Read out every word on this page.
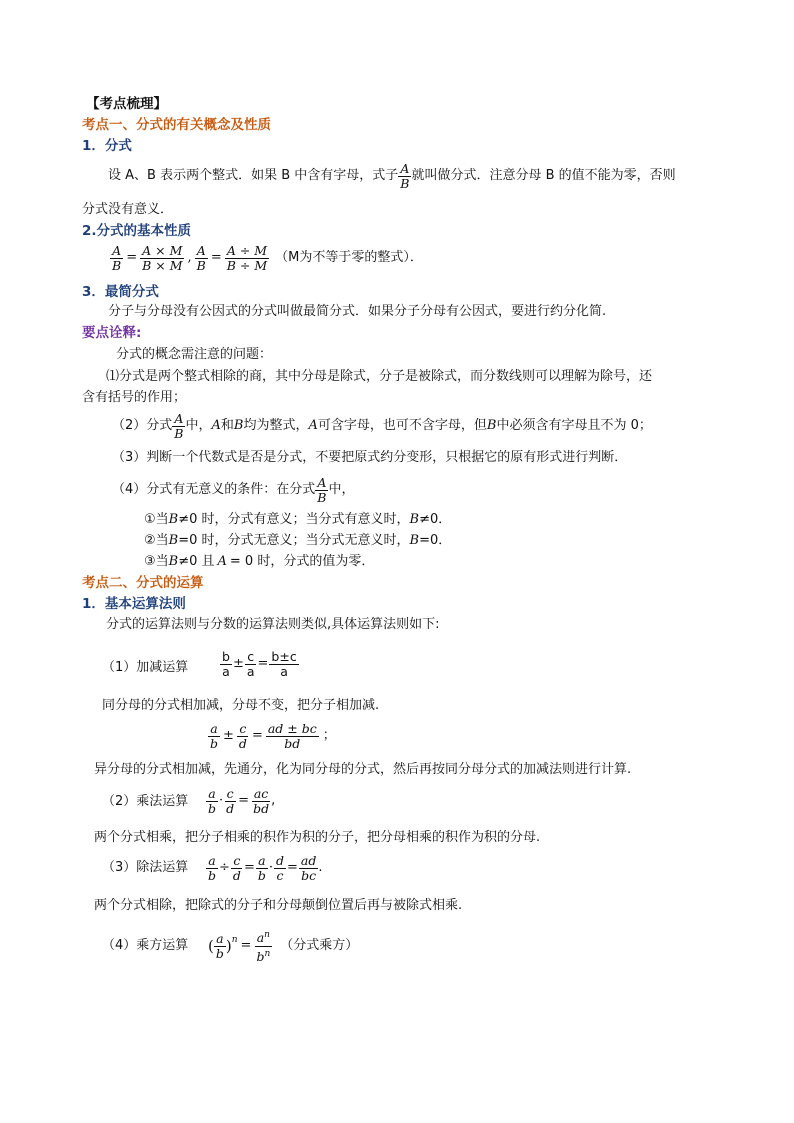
【考点梳理】
考点一、分式的有关概念及性质
1．分式
设 A、B 表示两个整式．如果 B 中含有字母，式子 $\frac{A}{B}$ 就叫做分式．注意分母 B 的值不能为零，否则
分式没有意义．
2.分式的基本性质
$\frac{A}{B} = \frac{A \times M}{B \times M}$ , $\frac{A}{B} = \frac{A \div M}{B \div M} (M$为不等于零的整式）．
3．最简分式
分子与分母没有公因式的分式叫做最简分式．如果分子分母有公因式，要进行约分化简.
要点诠释:
分式的概念需注意的问题：
⑴分式是两个整式相除的商，其中分母是除式，分子是被除式，而分数线则可以理解为除号，还
含有括号的作用；
（2）分式 $\frac{A}{B}$ 中， A 和 B 均为整式， A 可含字母，也可不含字母，但 B 中必须含有字母且不为 0；
（3）判断一个代数式是否是分式，不要把原式约分变形，只根据它的原有形式进行判断．
（4）分式有无意义的条件：在分式 $\frac{A}{B}$ 中，
①当B≠0 时，分式有意义；当分式有意义时，B≠0．
②当B=0 时，分式无意义；当分式无意义时，B=0．
③当B≠0 且 A = 0 时，分式的值为零．
考点二、分式的运算
1．基本运算法则
分式的运算法则与分数的运算法则类似,具体运算法则如下:
（1）加减运算	$\frac{b}{a} \pm \frac{c}{a} = \frac{b\pm c}{a}$
同分母的分式相加减，分母不变，把分子相加减.
$\frac{a}{b} \pm \frac{c}{d} = \frac{ad \pm bc}{bd}$ ；
异分母的分式相加减，先通分，化为同分母的分式，然后再按同分母分式的加减法则进行计算.
（2）乘法运算 $\frac{a}{b} \cdot \frac{c}{d} = \frac{ac}{bd}$ ,
两个分式相乘，把分子相乘的积作为积的分子，把分母相乘的积作为积的分母.
（3）除法运算 $\frac{a}{b} \div \frac{c}{d} = \frac{a}{b} \cdot \frac{d}{c} = \frac{ad}{bc}$ .
两个分式相除，把除式的分子和分母颠倒位置后再与被除式相乘.
（4）乘方运算 ( $\frac{a}{b} )^n = \frac{a^n}{b^n}$ （分式乘方）
